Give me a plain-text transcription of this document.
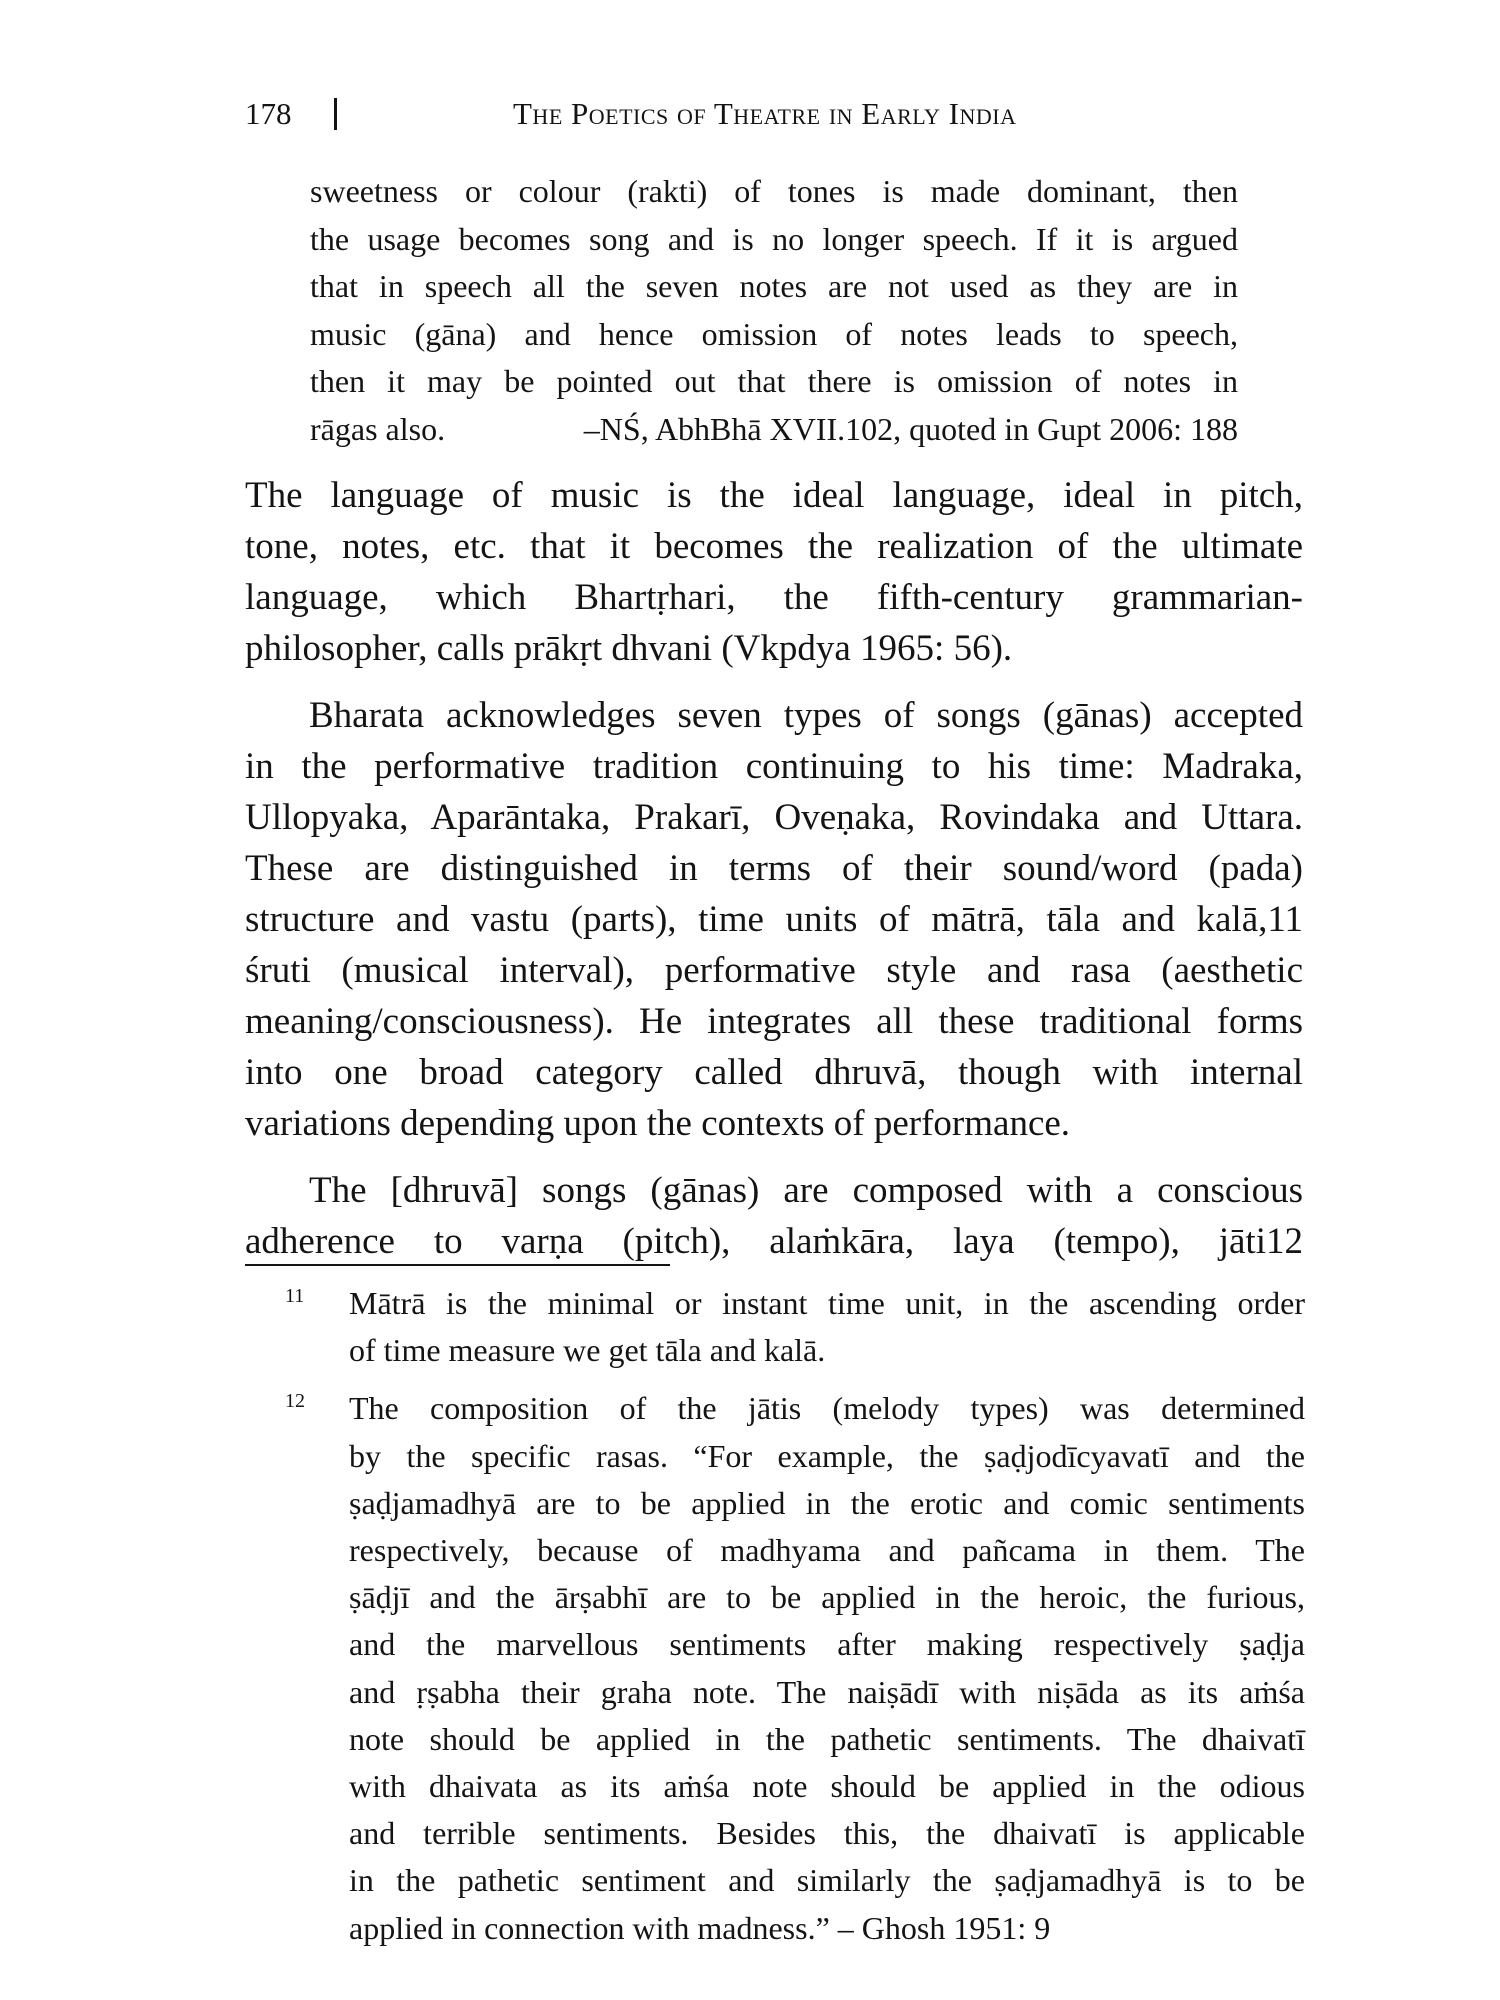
178	The Poetics of Theatre in Early India

sweetness or colour (rakti) of tones is made dominant, then

the usage becomes song and is no longer speech. If it is argued

that in speech all the seven notes are not used as they are in

music (gāna) and hence omission of notes leads to speech,

then it may be pointed out that there is omission of notes in

rāgas also.	–NŚ, AbhBhā XVII.102, quoted in Gupt 2006: 188

The language of music is the ideal language, ideal in pitch,
tone, notes, etc. that it becomes the realization of the ultimate
language, which Bhartṛhari, the fifth-century grammarian-
philosopher, calls prākṛt dhvani (Vkpdya 1965: 56).
Bharata acknowledges seven types of songs (gānas) accepted
in the performative tradition continuing to his time: Madraka,
Ullopyaka, Aparāntaka, Prakarī, Oveṇaka, Rovindaka and Uttara.
These are distinguished in terms of their sound/word (pada)
structure and vastu (parts), time units of mātrā, tāla and kalā,11
śruti (musical interval), performative style and rasa (aesthetic
meaning/consciousness). He integrates all these traditional forms
into one broad category called dhruvā, though with internal
variations depending upon the contexts of performance.
The [dhruvā] songs (gānas) are composed with a conscious
adherence to varṇa (pitch), alaṁkāra, laya (tempo), jāti12
11 Mātrā is the minimal or instant time unit, in the ascending order
of time measure we get tāla and kalā.
12 The composition of the jātis (melody types) was determined
by the specific rasas. “For example, the ṣaḍjodīcyavatī and the
ṣaḍjamadhyā are to be applied in the erotic and comic sentiments
respectively, because of madhyama and pañcama in them. The
ṣāḍjī and the ārṣabhī are to be applied in the heroic, the furious,
and the marvellous sentiments after making respectively ṣaḍja
and ṛṣabha their graha note. The naiṣādī with niṣāda as its aṁśa
note should be applied in the pathetic sentiments. The dhaivatī
with dhaivata as its aṁśa note should be applied in the odious
and terrible sentiments. Besides this, the dhaivatī is applicable
in the pathetic sentiment and similarly the ṣaḍjamadhyā is to be
applied in connection with madness.” – Ghosh 1951: 9
